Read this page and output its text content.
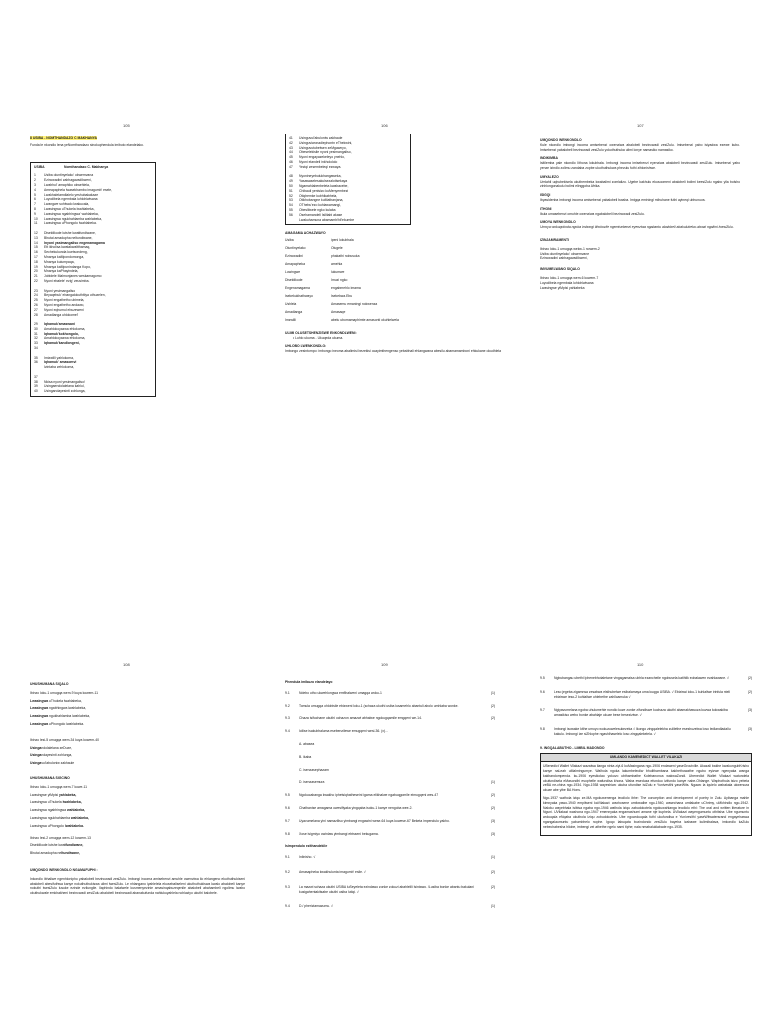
105	106	107
108	109	110
8 USIBA - NOMTHANDAZO C MAKHANYA
Funda le nkondlo lena yeNomthandazo sinokuphendula imibuto elandelako.
USIBA	Nomthandazo C. Makhanya
1 Usiba oluntinyelako' okwemvana
2 Ezincwadini zabhagavadikweni,
3 Lwabhul' amaphiko okwehlela,
4 Ameapaphela lwasekhambo imagumb' esele,
5 Lwakhalelamdlalelo yeshubakakaze
6 Luyodibela ngembala luhlohlwisana
7 Lwangwe sohlwalo lwakucala,
8 Lwasingwa uThukela lwahlabeka,
9 Lwasingwa ngabhingwa' wahlabeka,
10 Lwasingwa ngukhahlamba wahlabeka,
11 Lwasingwa uPhongolo lwahlabeka.
12 Diseldikode lutshe kwatfundiwane,
13 Bhutai amadupha neltundiwane,
14 Inyoni yasimangaliso engenamagama
15 Ett ikholisa kwatakwaltthamaq,
16 Sechekukunda kuetsondeng,
17 Mnanya kaMpondomonga,
18 Mnanya kuiumpaqa,
19 Mnanya kaMpunindanga Kopo,
20 Mnanya kaPhayindela,
21 Jobidele Malmonjanes weskamagomo
22 Nyoni ebalele' ezig' zeusimba.
23 Nyoni yesimangaliso
24 Beyaqebuk' ebangalokuthitiya uthuzelen,
25 Nyoni engathetho ubimela,
26 Nyoni engathetho andawo,
27 Nyoni eqhumul ebuzeweni
28 Amadlanga uhlokomel'
29 Iqhamuk'amaswani
30 Amahlokoyazwa ehlokoma,
31 Iqhamuk'kokhongolo,
32 Amahlokoyazwa ehlokoma,
33 Iqhamuk'kandlongeni,
34
35 Imizwilli yahlokoma,
36 Iqhamuk' amasomvi
Izintaba zehlokoma,
37
38 Nkisa nyoni yesimangaliso!
39 Usingaendolalelana kahlul,
40 Usingandayesinti zohlunga,
41 Usinguvul'abuloniw zakhaule
42 Usinguviwonadiephontn eThekwini,
43 Usinguvutubelwen zeMgawnyo,
44 Obeselekisile nyoni yesimangaliso,
45 Nyoni engayazekeleyo ynehlo,
46 Nyoni elandeli inkholololo
47 Yeziqi zesembeleqi ezwaya.
48 Nyonineyebulukhangaweka,
49 Yasawaselesakulsezalotisekaya
50 Ngamahlabenbeleta kwabacebe,
51 Chibauli yenisizo kuMenyembezi
52 Otiqhemke kubhikabhela,
53 Otikhobangne kuMathanjana,
54 OThebu'ezo kuhlawamangi,
55 Obeslilwele ngko kulaba
56 Osehamandeli Isilitabi akase
Lwakuhamuna abamamb!hil'ekumbe
AMAGAMA ACHAZWAYO
Usiba	ipeni lokubhala
Oluntinyelako	Olugele
Ezincwadini	phakathi nobusuka
Amapapheka	amehla
Luwingwe	lukumwe
Diseldikode	Imuzi ngko
Engenamagama	engabmehlo imama
Isekekukhathwayo	Isekekwa.Ebu
Ushlela	Amasemu emaningi nokwenza
Amadlanga	Amasaqe
Imzwilli	abelu ubomamaphimte amasonti okuhlelwela
ULIMI OLUSETSHENZISWE ENKONDLWENI:
• Luhlo ukuma - Ukuqeda ukuma.
UHLOBO LWENKONDLO:

Imbongo zesintompo: imbongo ineoma abalimisi bezekisi ocayimthengenso yebabhali ehlangwana abesilu abamamamboni ehkukane okudhlela

UMQONDO WENKONDLO

Kule nkondlo imbongi incoma amisebenzi owenziwa abalobeli bezincwadi zesiZulu. Imisebenzi yabo isiyadwa ezewe kubo. Imisebenzi yabalobeli bezincwadi zesiZulu yokuthuthuka ulimi lonye namasiko namasiko.

INDIKIMBA

Isitilemba yale nkondlo Iithona lokubhala. Imbongi incoma imisebenzi eyenziwa abalobeli bezincwadi zesiZulu. Imisebenzi yabo yenze izindlo zolimu zandaba zopbe ukuthuthukwa phezulu futhi zihlonishwe.

UMYALEZO

Umlahli uqhubekisela ukuthembeka kwabalimi zomlalizo. Ugebe kakhulu ekusoomeni abalobeli bolimi keesiZulu ngabo yila bolsho zinhlongonakulu bolimi elinggoba Afrika.

ISIGQI

Ibyasidenba imbongi incoma amisebenzi yabalobeli bwaba. Imigqa eminingi mihuhane futhi ayineqi ubhunuva.

ITHONI

Ikula umasebenzi omuhle owenziwa ngabalobeli bezincwadi zesiZulu.

UMOYA WENKONDLO

Umoya wokuqokoda ngoba imbongi ithokozile ngemisebenzi eyenziwa ngabantu abalobeli abakulubeka ulwazi ngalimi lwesiZulu.

IZINJAMRAMENTI
Ibinzo loku-1 umugqa wekw-1 nowem-2
Usiba oluntinyelako' okwemvane
Ezincwadini zabhagavadikweni,
IMVUMELWANO SIQALO
Ibinzo loku-1 umugqa wem-6 kowem-7
Luyodibela ngembala luhlohlwisana
Lwasingwe yiMpisi yahlabeka
UHUSHUMANA SIQALO
Ibinzo loku-1 umugqa wem-9 kuya kowem-11
Lwasingwa uThukela lwahlabeka,
Lwasingwa ngabhingwa lwahlabeka,
Lwasingwa ngukhahlamba lwahlabeka,
Lwasingwa uPhongolo lwahlabeka.
Ibinzo lesi-5 umugqa wem-34 kuya kowem-40
Usingandolalelana zeDuze,
Usingandayesinti zohlunga,
Usingavul'abuloniw zakhaule
UHUSHUMANA SIGCINO
Ibinzo loku-1 umugqa wem-7 kowe-11
Lwasingwe yiMpisi yahlabeka,
Lwasingwa uThukela lwahlabeka,
Lwasingwa ngabhingwa wahlabeka,
Lwasingwa ngukhahlamba wahlabeka,
Lwasingwa uPhongolo lwahlabeka.
Ibinzo lesi-2 umugqa wem-12 kowem-13
Diseldikode lutshe kwatfundiwane,
Bhutai amadupha neltundiwane,
UMQONDO WENKONDLO NGAMAFUPHI :

Inkondlo ibhaliwe ngenhlonipho yabalobeli bezincwadi zesiZulu. Imbongi incoma amisebenzi amuhle owenziwa ilo ehlangeno ekuthuthukiseni abalobeli abesifuthwa kanye nokuthuthukiswa ulimi lwesiZulu. Le nhlangano iyahlelela ekusebaliseleni ukuthuthukiswa kwalo abalobeli kanye nokuthi lwesiZulu lusuke ezinde ezilungile. Ilaphindo balalwele kusmenyezinie amasinqabuzeqenile abalobeli abahambeli ngolimu lwabo okuthukwale emkhakheni bezincwadi zesiZulu abalobeli bezincwadi abanakufunda nahlukuyahlela nohlaziyo ukuthi balobele.

Phendula imibuzo elandelayo
9.1	Ndebo utho ukwehlongwa emfihalweni umagqa woku-1	(1)
9.2	Tomula umugqa ohlobisile ebizweni loku-1 (schaza ukuthi usiba lusamehlo abantuli abolo umhlaba wonke.	(2)
9.3	Chaza isifuchane ukuthi ochazon amazwi abhalwe ngokugqamile emgqeni we-14.	(2)
9.4	Icilise isakubhaluma esebenzilewe emugqeni wesi-36. (x)...
A. abasea
B. ikaba
C. isenzasephazam
D. isenzasemura	(1)
9.5	Ngokucabanga kwakho iphetsiqhatheseini igama elikhalwe ngabuqgomile eimugqeni wes-47	(2)
9.6	Chathanise amagama owesifiyaka yingqaba isoku-1 kanye nengoba wee-2.	(2)
9.7	Uyavumelana yini namaziliso yimbangi engawini wese-64 kuya kowese-67 Beketa impendulo yakho.	(3)
9.8	Xose isigmiyo owinlaw yimbangi ebtsseni bekugama.	(3)
Isimpendulo ezithandekile
9.1	Inlinisho. √	(1)
9.2	Amasapheka kwakhulunta imagumb' esile. √	(2)
9.3	La mazwi schaza ukuthi USIBA luSeyeleta ezindawo zonke zokuzi abahlelili Isintawo. /Lusiba bonke abantu bakulani kusigahentakitsabe ukuthi usiba lutiqi. √
(2)
9.4	D./ pheriziamazumu. √	(1)
9.5	Ngbubangau ubethi Iphenebhotaletane vingagamaisa ubhla ezancheile ngobusela katihlik eobalawen ezahlawane. √	(2)
9.6	Leso jegeba zigamnsa zesabwa elsthubelwe esibalamaya uma kuqga USIBA. √ Ebiziswi ioku-1 kuhlaliwe irinfula nteli ebiziswe ieso-2 kuhlaliwe uhlebethe zahllcamuka √
(2)
9.7	Ngiyavumelana ngoba uhulumehie nondio kuze zonke zifundiswe kuchaza ukuthi abamakhawuza kuzwa kokwakiba amasikiso webo bonke abahlaje ukuze bese beseziziwe. √
(3)
9.8	Imbongi isowake kithe umoyo wokuzuwelesukezeka √ Ikongo zingqalelekha zulilethe eseshuzelwa loso ledlandladaliu kakulu. Imbongi ize siZhlophe ngashlhaselelo loso zingqalekelela. √
(3)
9. INGQALABUTHO - LIMBIL MADONDO
UMLANDO KAMENEDICT WALLET VILAKAZI

UBenedict Wallet Vilakazi wazalwa ilanga ninta ziyi-6 kuMasingana ngo-1906 endaweni yaseGroutville. Akazali bakhe kwakungubKrisho kanye naLeah uMalmingumye. Walhola ngoka lakumbeleoliw bhulithambana kakhethuwathe ngubo eyizwe ngenyaka wanga kakhandompenda. ku-1906 eyesikolao yokuvo ubthambathe Kolebanonca wakwaZondi. Ubenedict Wallet Vilakazi watundela ukufundisela eMasondhi esophelle wafundisa khona. Waba eweduza efunduo izifundo kanye nabe-Ohlange. Waphothula isizo yebeia zeBA ne-china ngo-1934. Ngo-1938 wayeshiwo ukuba ufundise isiZulu e Yunivesithi yaseWits. Ngawo la iqulelo wabakala ukwenoza ukuze abe yibe BA Hons.

Ngo-1937 wathola iziqu ze-MA ngokuwenenga ieodiolo ibhe: The conception and development of poetry in Zulu. Ayibanga mahle kimnyaka yawo-1940 empilweni kaVilakazi: waxhosene umfowalbe ngo-1940, wasechana umfakabe uChrimy, uMkhindlo ngo-1942. Naloku wayebhala isibisa ngaba ngo-1946 wathola iziqu zabudokotela ngokuwahlanga ieodiolo ethi: The oral and written literature in Nguni. UVilakazi washona ngo-1947 emennyaka engamashumi amane nje kuphela. UVilakazi wayengumuntu othitsha: Ube ngumuntu wokuqala eNqaba ukuthola iziqu zobudokotela. Ube ngowokuqala futhi ukufundisa e Yunivesithi yaseWitwatersrand engayehaswa ngangalaumuntu yabumbhelo nophe. Igoqo labuqata bozindondo zesiZulu bayeba izabawe kulimibalava, imkondlo kaZulu nebechabesha hliobe, imbengi zei athethe ngelo nami tiphe; nala nmabaluklabade ngo-1935.
